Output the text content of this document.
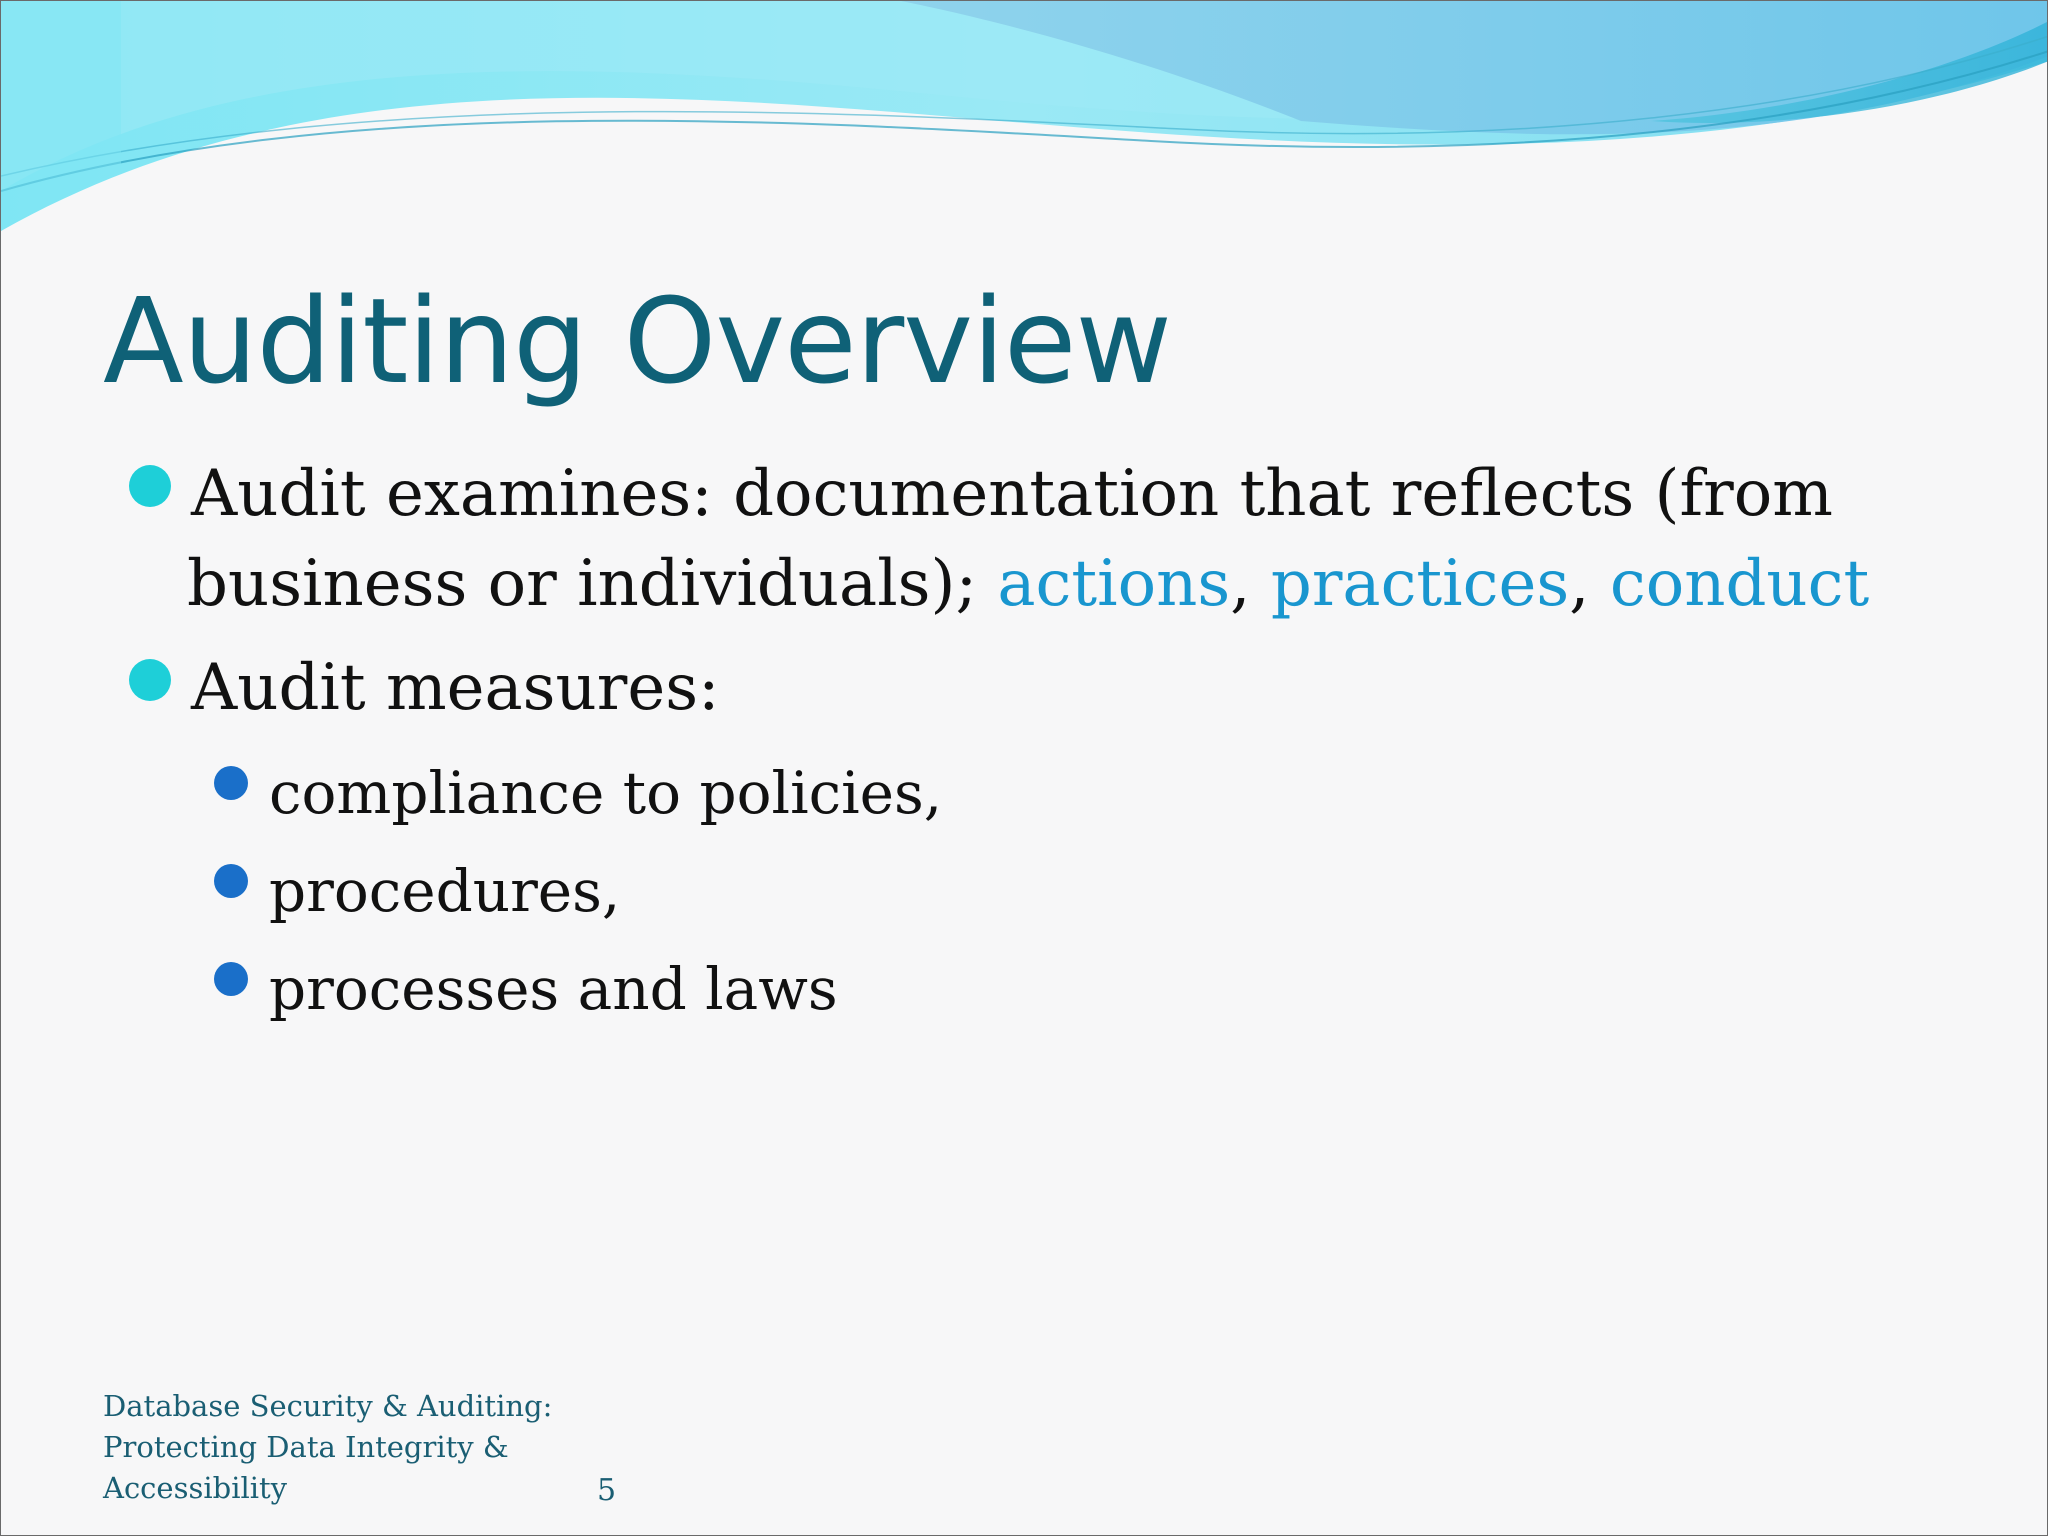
Auditing Overview
Audit examines: documentation that reflects (from
business or individuals); actions, practices, conduct
Audit measures:
compliance to policies,
procedures,
processes and laws
Database Security & Auditing: Protecting Data Integrity & Accessibility	5
